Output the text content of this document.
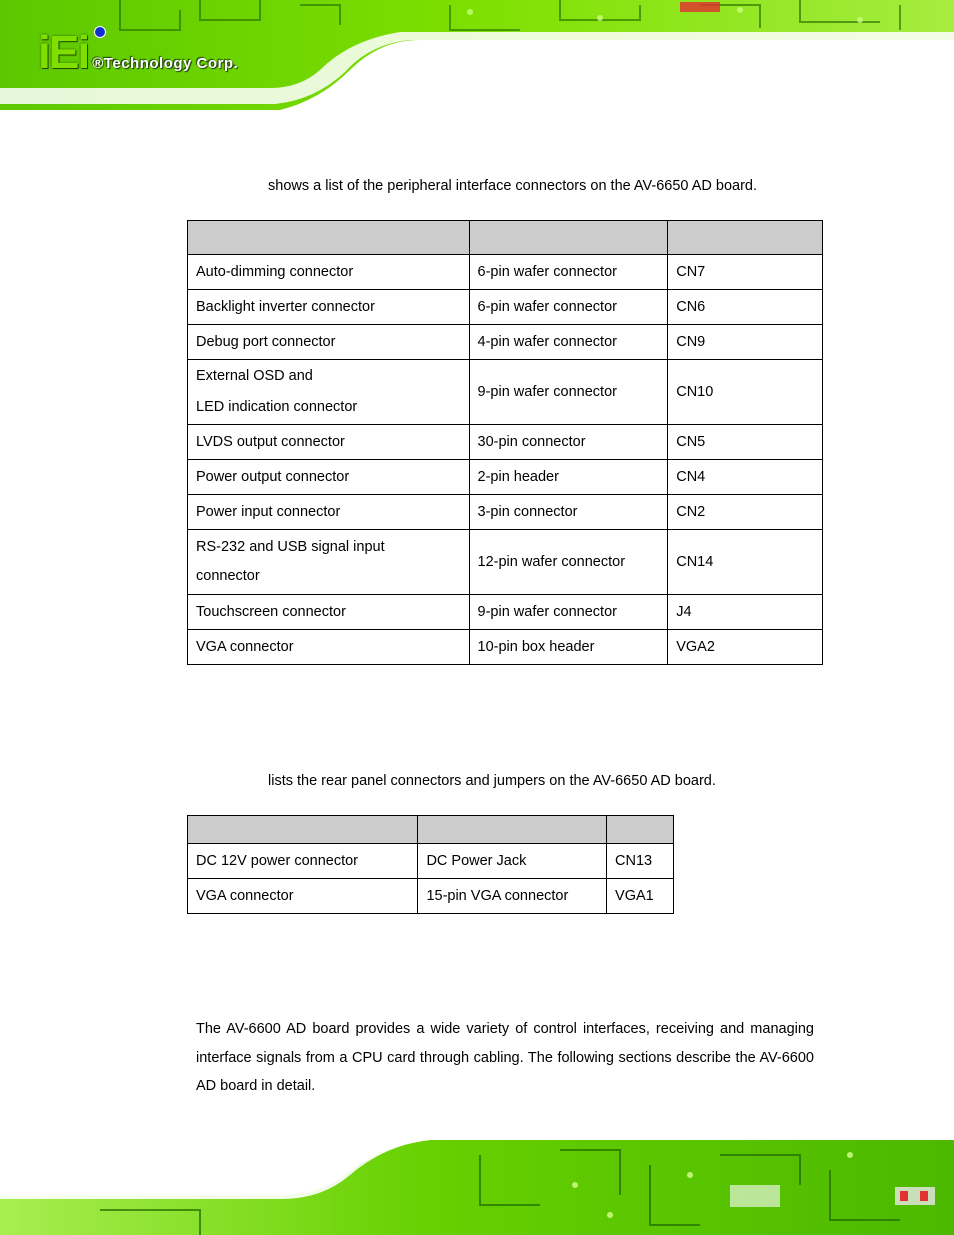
iEi ®Technology Corp.
shows a list of the peripheral interface connectors on the AV-6650 AD board.

Auto-dimming connector	6-pin wafer connector	CN7
Backlight inverter connector	6-pin wafer connector	CN6
Debug port connector	4-pin wafer connector	CN9

External OSD and
LED indication connector	9-pin wafer connector	CN10
LVDS output connector	30-pin connector	CN5
Power output connector	2-pin header	CN4
Power input connector	3-pin connector	CN2

RS-232 and USB signal input
connector	12-pin wafer connector	CN14
Touchscreen connector	9-pin wafer connector	J4
VGA connector	10-pin box header	VGA2
lists the rear panel connectors and jumpers on the AV-6650 AD board.

DC 12V power connector	DC Power Jack	CN13
VGA connector	15-pin VGA connector	VGA1
The AV-6600 AD board provides a wide variety of control interfaces, receiving and managing interface signals from a CPU card through cabling. The following sections describe the AV-6600 AD board in detail.
